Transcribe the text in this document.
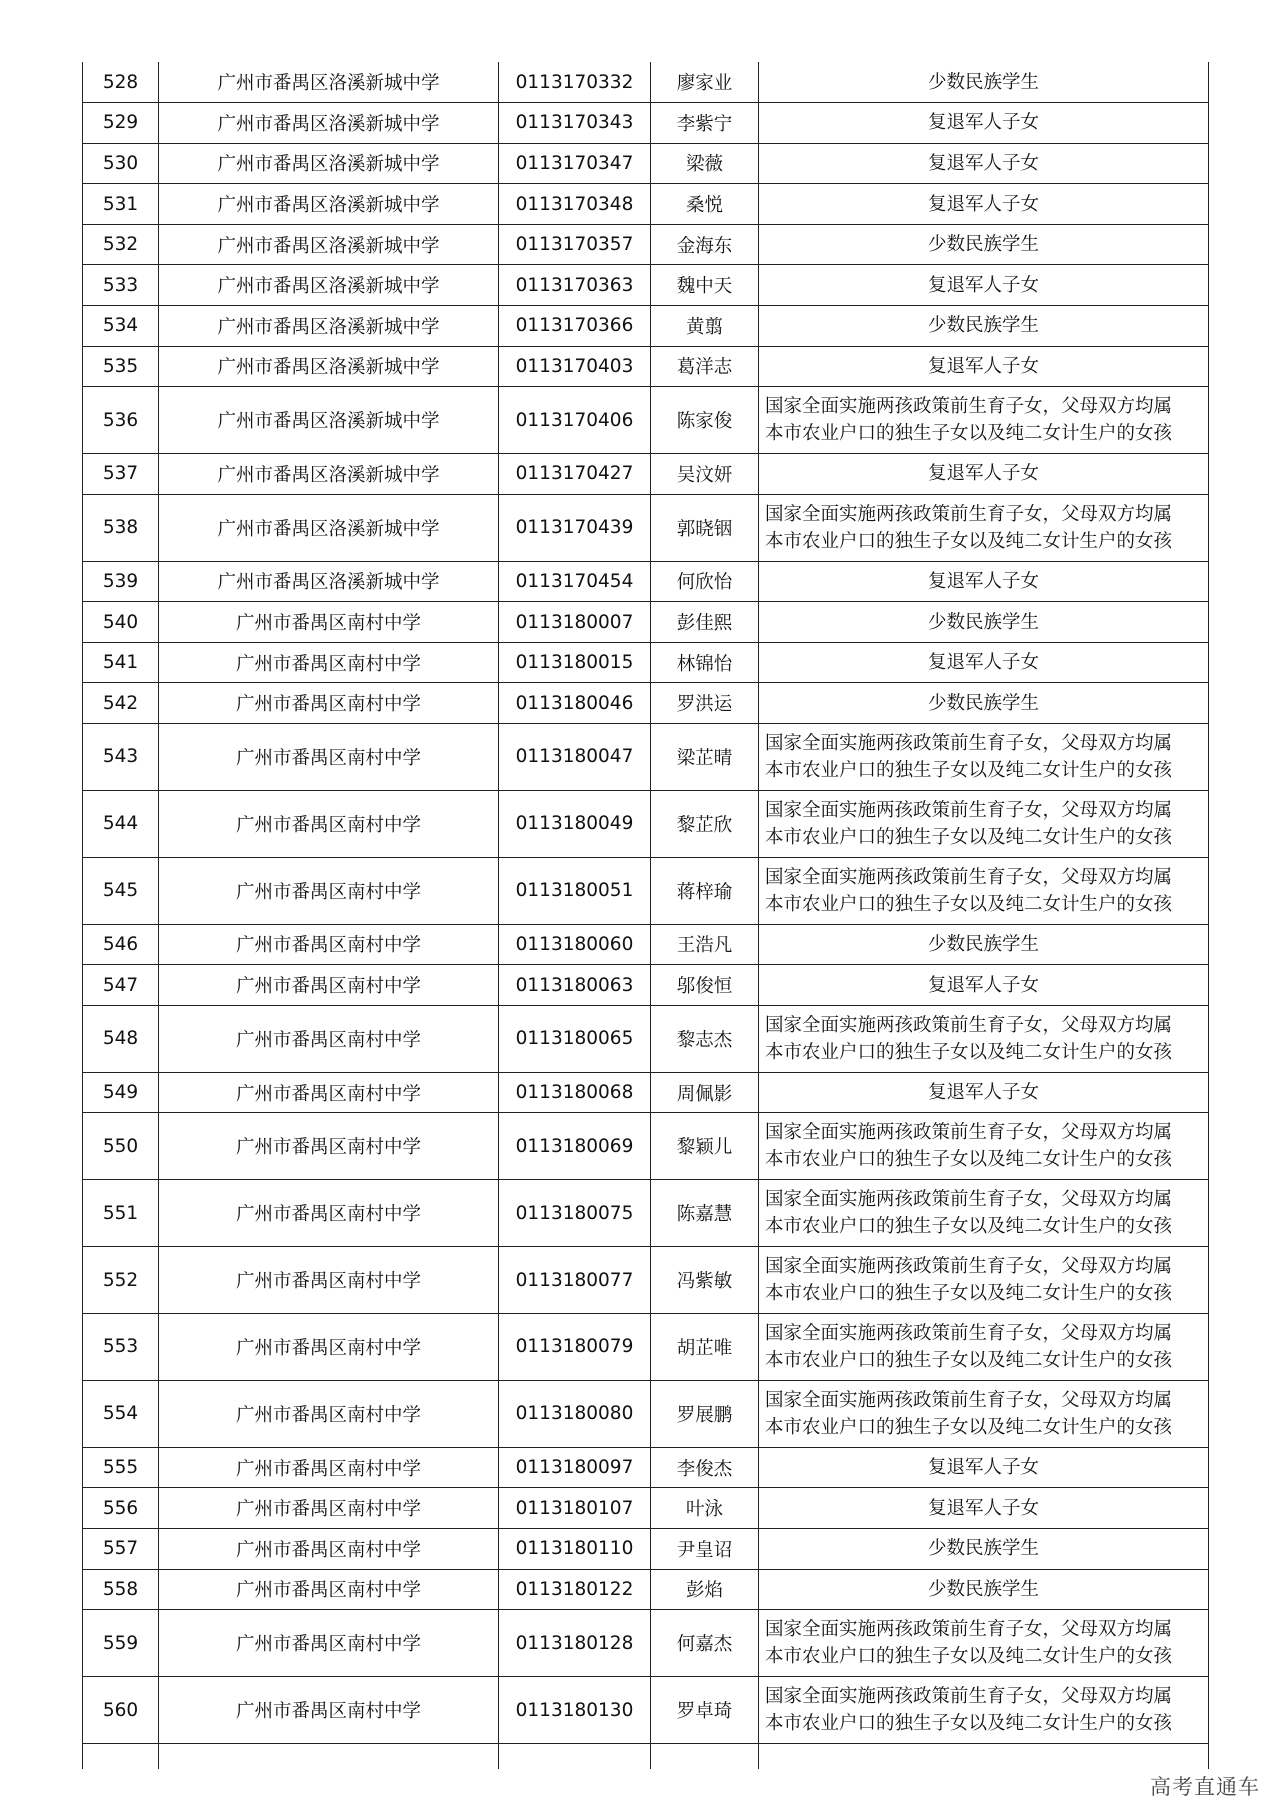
528	广州市番禺区洛溪新城中学	0113170332	廖家业	少数民族学生

529	广州市番禺区洛溪新城中学	0113170343	李紫宁	复退军人子女

530	广州市番禺区洛溪新城中学	0113170347	梁薇	复退军人子女

531	广州市番禺区洛溪新城中学	0113170348	桑悦	复退军人子女

532	广州市番禺区洛溪新城中学	0113170357	金海东	少数民族学生

533	广州市番禺区洛溪新城中学	0113170363	魏中天	复退军人子女

534	广州市番禺区洛溪新城中学	0113170366	黄翦	少数民族学生

535	广州市番禺区洛溪新城中学	0113170403	葛洋志	复退军人子女

536	广州市番禺区洛溪新城中学	0113170406	陈家俊	国家全面实施两孩政策前生育子女，父母双方均属
本市农业户口的独生子女以及纯二女计生户的女孩

537	广州市番禺区洛溪新城中学	0113170427	吴汶妍	复退军人子女

538	广州市番禺区洛溪新城中学	0113170439	郭晓铟	国家全面实施两孩政策前生育子女，父母双方均属
本市农业户口的独生子女以及纯二女计生户的女孩

539	广州市番禺区洛溪新城中学	0113170454	何欣怡	复退军人子女

540	广州市番禺区南村中学	0113180007	彭佳熙	少数民族学生

541	广州市番禺区南村中学	0113180015	林锦怡	复退军人子女

542	广州市番禺区南村中学	0113180046	罗洪运	少数民族学生

543	广州市番禺区南村中学	0113180047	梁芷晴	国家全面实施两孩政策前生育子女，父母双方均属
本市农业户口的独生子女以及纯二女计生户的女孩

544	广州市番禺区南村中学	0113180049	黎芷欣	国家全面实施两孩政策前生育子女，父母双方均属
本市农业户口的独生子女以及纯二女计生户的女孩

545	广州市番禺区南村中学	0113180051	蒋梓瑜	国家全面实施两孩政策前生育子女，父母双方均属
本市农业户口的独生子女以及纯二女计生户的女孩

546	广州市番禺区南村中学	0113180060	王浩凡	少数民族学生

547	广州市番禺区南村中学	0113180063	邬俊恒	复退军人子女

548	广州市番禺区南村中学	0113180065	黎志杰	国家全面实施两孩政策前生育子女，父母双方均属
本市农业户口的独生子女以及纯二女计生户的女孩

549	广州市番禺区南村中学	0113180068	周佩影	复退军人子女

550	广州市番禺区南村中学	0113180069	黎颖儿	国家全面实施两孩政策前生育子女，父母双方均属
本市农业户口的独生子女以及纯二女计生户的女孩

551	广州市番禺区南村中学	0113180075	陈嘉慧	国家全面实施两孩政策前生育子女，父母双方均属
本市农业户口的独生子女以及纯二女计生户的女孩

552	广州市番禺区南村中学	0113180077	冯紫敏	国家全面实施两孩政策前生育子女，父母双方均属
本市农业户口的独生子女以及纯二女计生户的女孩

553	广州市番禺区南村中学	0113180079	胡芷唯	国家全面实施两孩政策前生育子女，父母双方均属
本市农业户口的独生子女以及纯二女计生户的女孩

554	广州市番禺区南村中学	0113180080	罗展鹏	国家全面实施两孩政策前生育子女，父母双方均属
本市农业户口的独生子女以及纯二女计生户的女孩

555	广州市番禺区南村中学	0113180097	李俊杰	复退军人子女

556	广州市番禺区南村中学	0113180107	叶泳	复退军人子女

557	广州市番禺区南村中学	0113180110	尹皇诏	少数民族学生

558	广州市番禺区南村中学	0113180122	彭焰	少数民族学生

559	广州市番禺区南村中学	0113180128	何嘉杰	国家全面实施两孩政策前生育子女，父母双方均属
本市农业户口的独生子女以及纯二女计生户的女孩

560	广州市番禺区南村中学	0113180130	罗卓琦	国家全面实施两孩政策前生育子女，父母双方均属
本市农业户口的独生子女以及纯二女计生户的女孩

高考直通车
